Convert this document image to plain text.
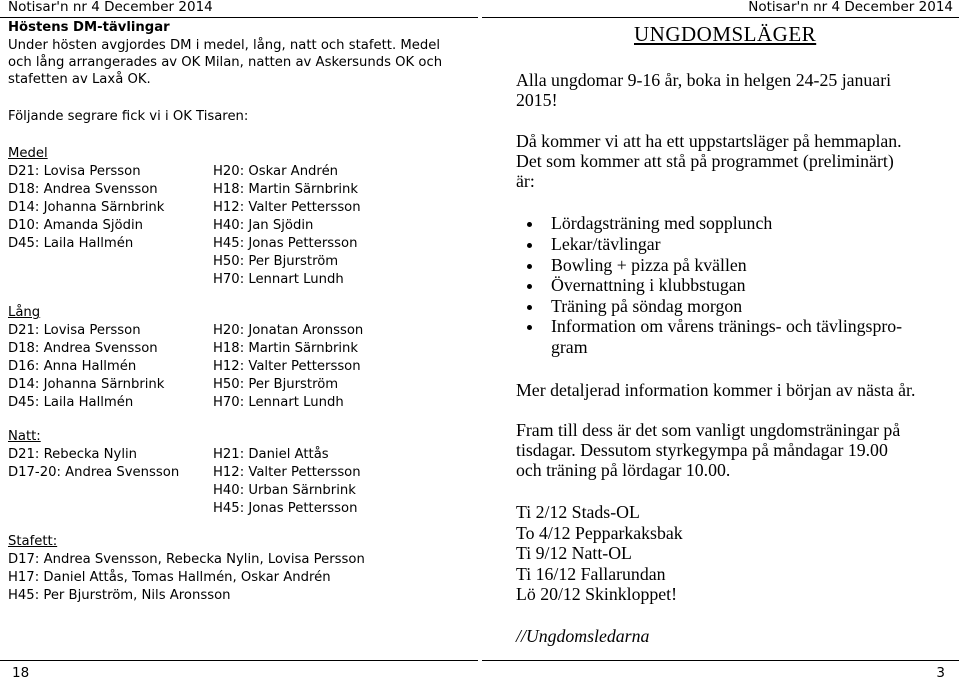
Notisar'n nr 4 December 2014
Höstens DM-tävlingar
Under hösten avgjordes DM i medel, lång, natt och stafett. Medel
och lång arrangerades av OK Milan, natten av Askersunds OK och
stafetten av Laxå OK.
Följande segrare fick vi i OK Tisaren:
Medel
D21: Lovisa Persson
D18: Andrea Svensson
D14: Johanna Särnbrink
D10: Amanda Sjödin
D45: Laila Hallmén
H20: Oskar Andrén
H18: Martin Särnbrink
H12: Valter Pettersson
H40: Jan Sjödin
H45: Jonas Pettersson
H50: Per Bjurström
H70: Lennart Lundh
Lång
D21: Lovisa Persson
D18: Andrea Svensson
D16: Anna Hallmén
D14: Johanna Särnbrink
D45: Laila Hallmén
H20: Jonatan Aronsson
H18: Martin Särnbrink
H12: Valter Pettersson
H50: Per Bjurström
H70: Lennart Lundh
Natt:
D21: Rebecka Nylin
D17-20: Andrea Svensson
H21: Daniel Attås
H12: Valter Pettersson
H40: Urban Särnbrink
H45: Jonas Pettersson
Stafett:
D17: Andrea Svensson, Rebecka Nylin, Lovisa Persson
H17: Daniel Attås, Tomas Hallmén, Oskar Andrén
H45: Per Bjurström, Nils Aronsson
18
Notisar'n nr 4 December 2014
UNGDOMSLÄGER
Alla ungdomar 9-16 år, boka in helgen 24-25 januari
2015!
Då kommer vi att ha ett uppstartsläger på hemmaplan.
Det som kommer att stå på programmet (preliminärt)
är:
Lördagsträning med sopplunch
Lekar/tävlingar
Bowling + pizza på kvällen
Övernattning i klubbstugan
Träning på söndag morgon
Information om vårens tränings- och tävlingspro-
gram
Mer detaljerad information kommer i början av nästa år.
Fram till dess är det som vanligt ungdomsträningar på
tisdagar. Dessutom styrkegympa på måndagar 19.00
och träning på lördagar 10.00.
Ti 2/12 Stads-OL
To 4/12 Pepparkaksbak
Ti 9/12 Natt-OL
Ti 16/12 Fallarundan
Lö 20/12 Skinkloppet!
//Ungdomsledarna
3
